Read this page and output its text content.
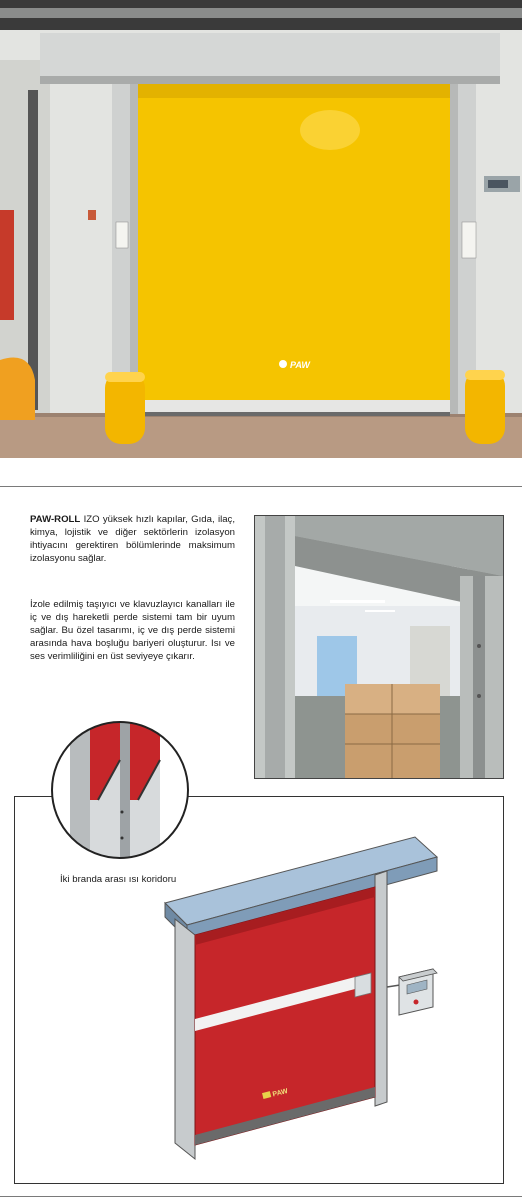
PAW
PAW-ROLL IZO yüksek hızlı kapılar, Gıda, ilaç, kimya, lojistik ve diğer sektörlerin izolasyon ihtiyacını gerektiren bölümlerinde maksimum izolasyonu sağlar.
İzole edilmiş taşıyıcı ve klavuzlayıcı kanalları ile iç ve dış hareketli perde sistemi tam bir uyum sağlar. Bu özel tasarımı, iç ve dış perde sistemi arasında hava boşluğu bariyeri oluşturur. Isı ve ses verimliliğini en üst seviyeye çıkarır.
PAW
İki branda arası ısı koridoru
